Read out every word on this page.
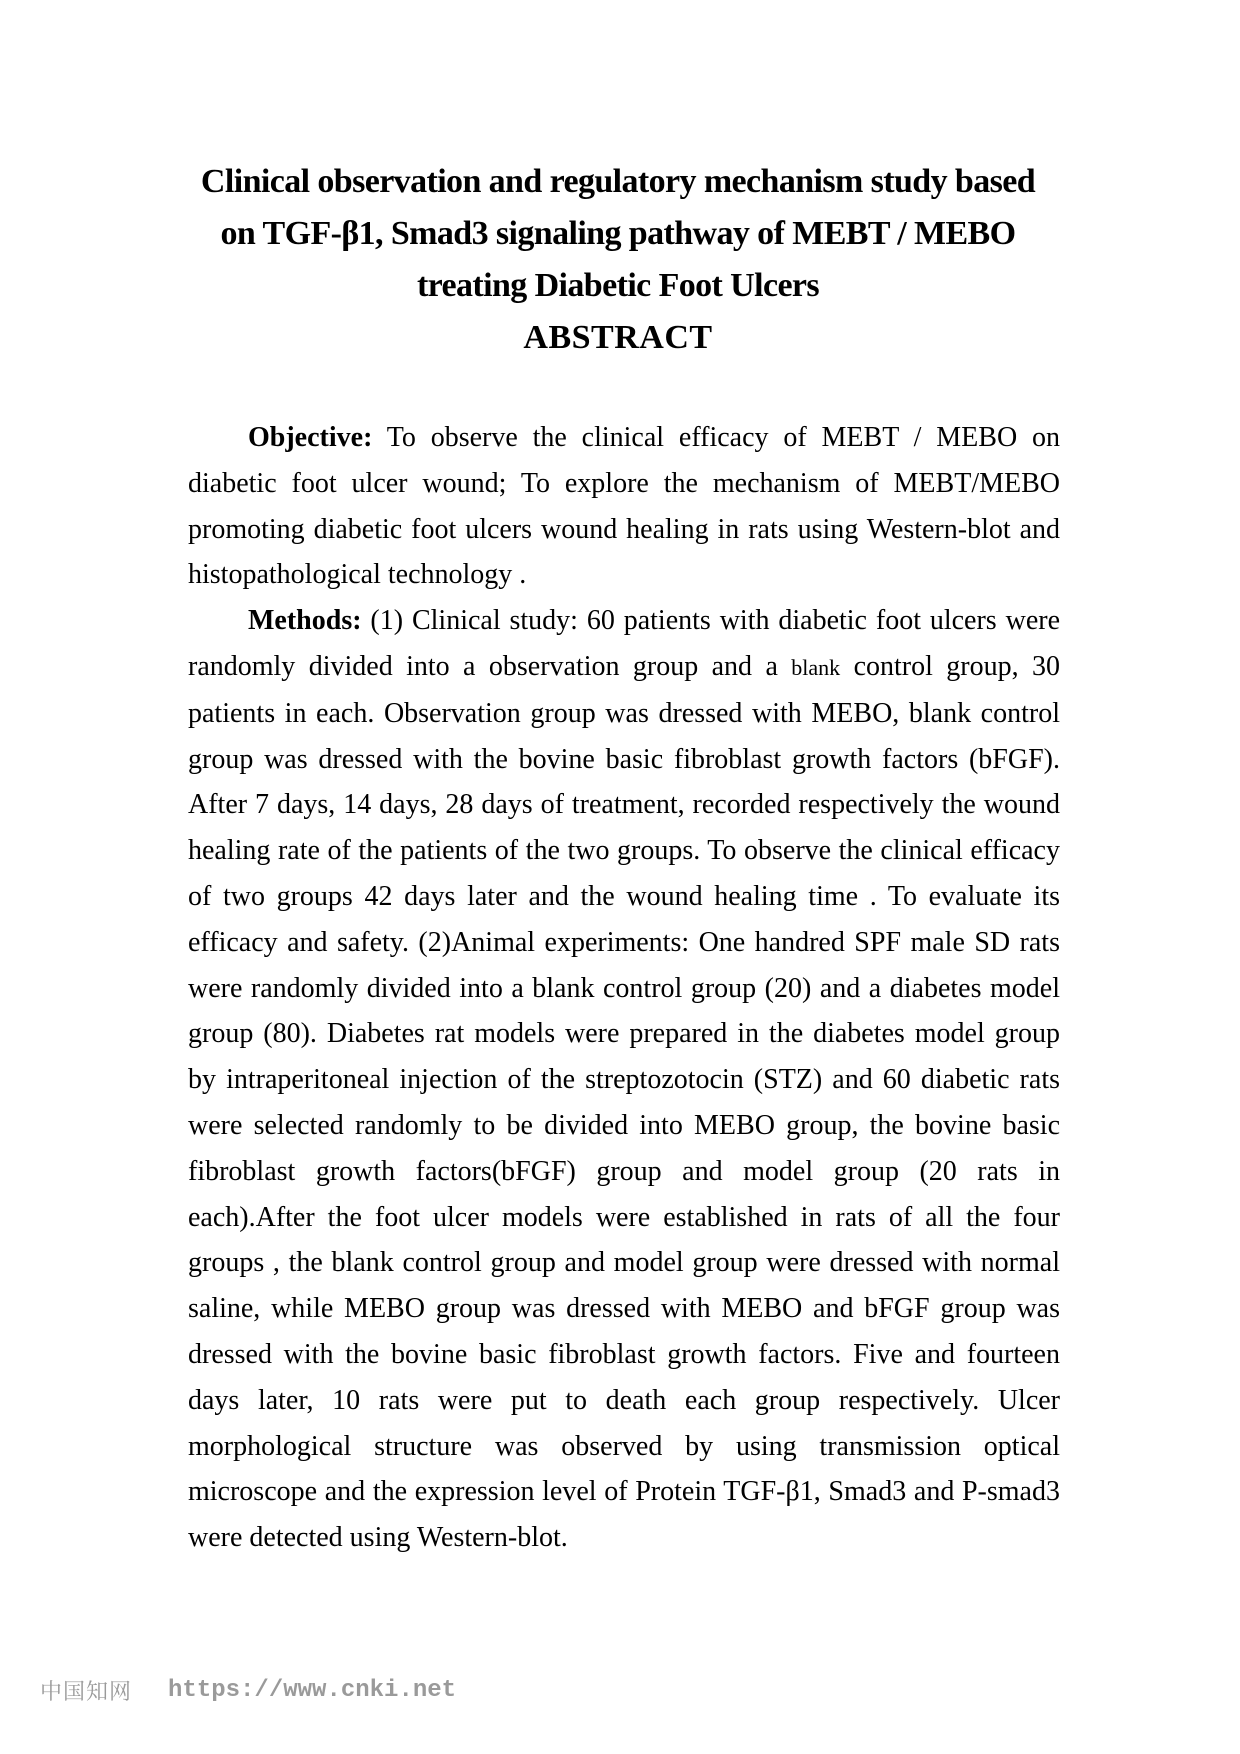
Clinical observation and regulatory mechanism study based
on TGF-β1, Smad3 signaling pathway of MEBT / MEBO
treating Diabetic Foot Ulcers
ABSTRACT

Objective: To observe the clinical efficacy of MEBT / MEBO on diabetic foot ulcer wound; To explore the mechanism of MEBT/MEBO promoting diabetic foot ulcers wound healing in rats using Western-blot and histopathological technology .

Methods: (1) Clinical study: 60 patients with diabetic foot ulcers were randomly divided into a observation group and a blank control group, 30 patients in each. Observation group was dressed with MEBO, blank control group was dressed with the bovine basic fibroblast growth factors (bFGF). After 7 days, 14 days, 28 days of treatment, recorded respectively the wound healing rate of the patients of the two groups. To observe the clinical efficacy of two groups 42 days later and the wound healing time . To evaluate its efficacy and safety. (2)Animal experiments: One handred SPF male SD rats were randomly divided into a blank control group (20) and a diabetes model group (80). Diabetes rat models were prepared in the diabetes model group by intraperitoneal injection of the streptozotocin (STZ) and 60 diabetic rats were selected randomly to be divided into MEBO group, the bovine basic fibroblast growth factors(bFGF) group and model group (20 rats in each).After the foot ulcer models were established in rats of all the four groups , the blank control group and model group were dressed with normal saline, while MEBO group was dressed with MEBO and bFGF group was dressed with the bovine basic fibroblast growth factors. Five and fourteen days later, 10 rats were put to death each group respectively. Ulcer morphological structure was observed by using transmission optical microscope and the expression level of Protein TGF-β1, Smad3 and P-smad3 were detected using Western-blot.

中国知网 https://www.cnki.net
